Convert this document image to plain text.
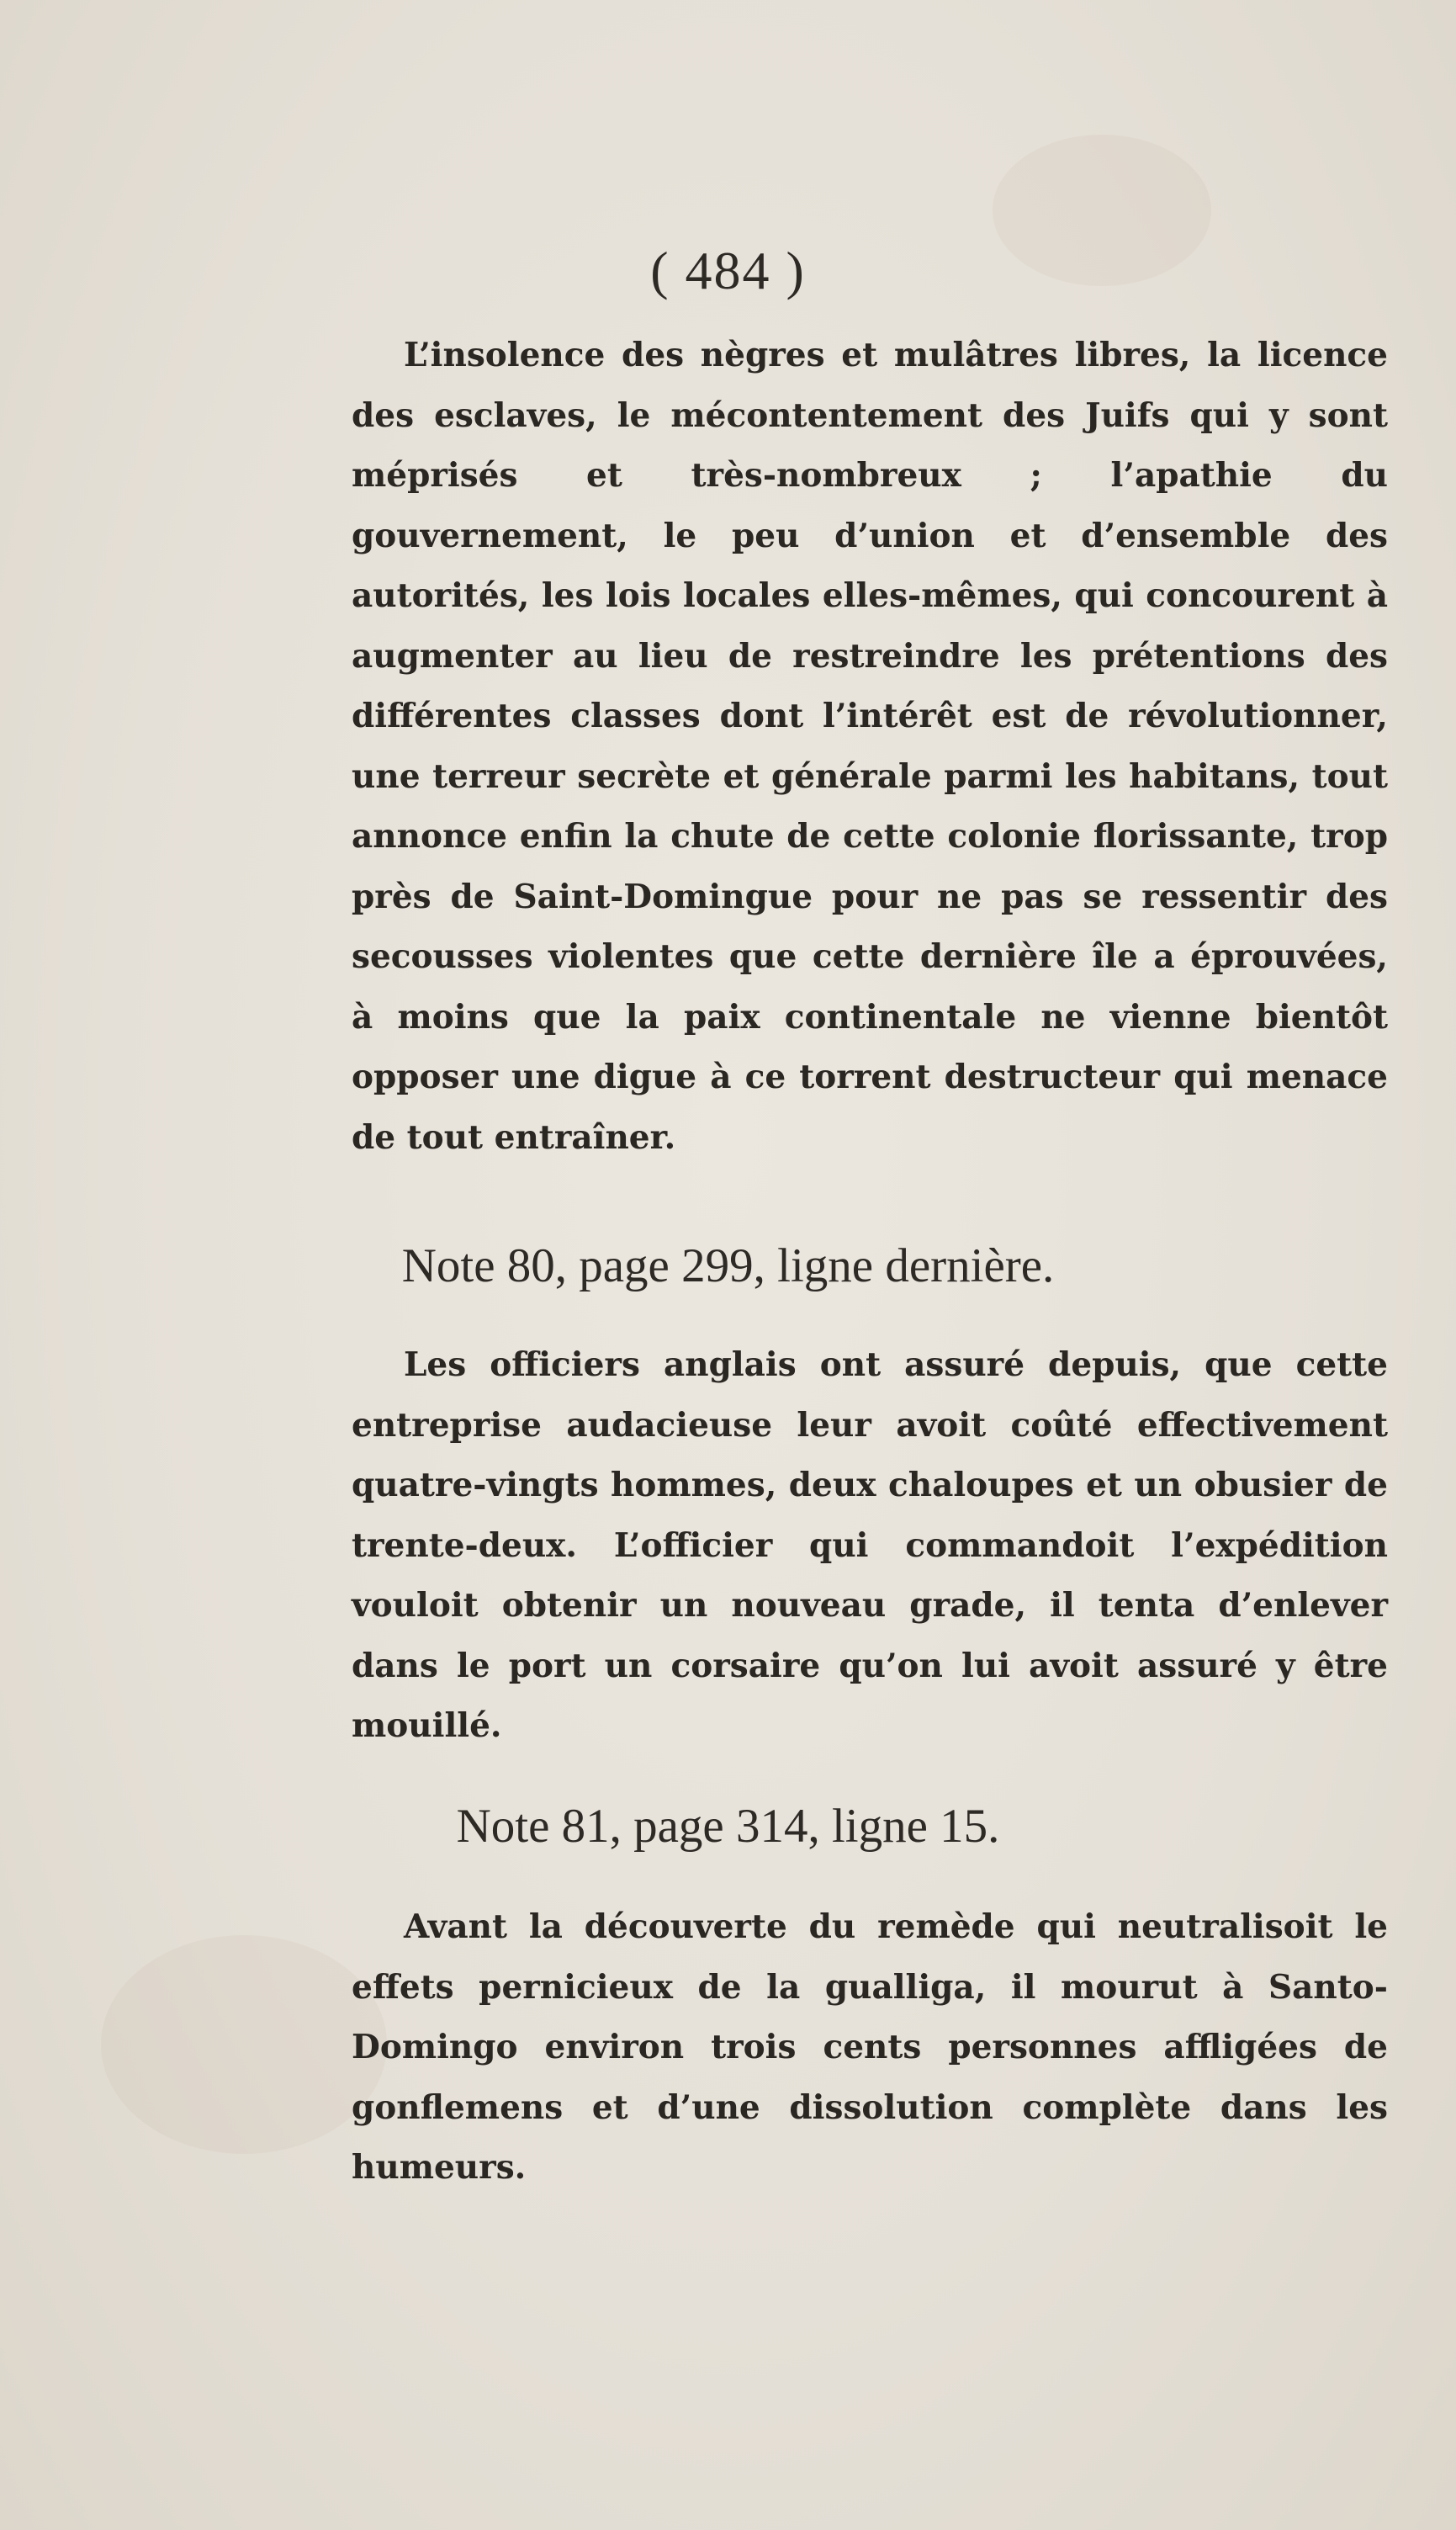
( 484 )

L’insolence des nègres et mulâtres libres, la licence des esclaves, le mécontentement des Juifs qui y sont méprisés et très-nombreux ; l’apathie du gouvernement, le peu d’union et d’ensemble des autorités, les lois locales elles-mêmes, qui concourent à augmenter au lieu de restreindre les prétentions des différentes classes dont l’intérêt est de révolutionner, une terreur secrète et générale parmi les habitans, tout annonce enfin la chute de cette colonie florissante, trop près de Saint-Domingue pour ne pas se ressentir des secousses violentes que cette dernière île a éprouvées, à moins que la paix continentale ne vienne bientôt opposer une digue à ce torrent destructeur qui menace de tout entraîner.

Note 80, page 299, ligne dernière.

Les officiers anglais ont assuré depuis, que cette entreprise audacieuse leur avoit coûté effectivement quatre-vingts hommes, deux chaloupes et un obusier de trente-deux. L’officier qui commandoit l’expédition vouloit obtenir un nouveau grade, il tenta d’enlever dans le port un corsaire qu’on lui avoit assuré y être mouillé.

Note 81, page 314, ligne 15.

Avant la découverte du remède qui neutralisoit le effets pernicieux de la gualliga, il mourut à Santo-Domingo environ trois cents personnes affligées de gonflemens et d’une dissolution complète dans les humeurs.
